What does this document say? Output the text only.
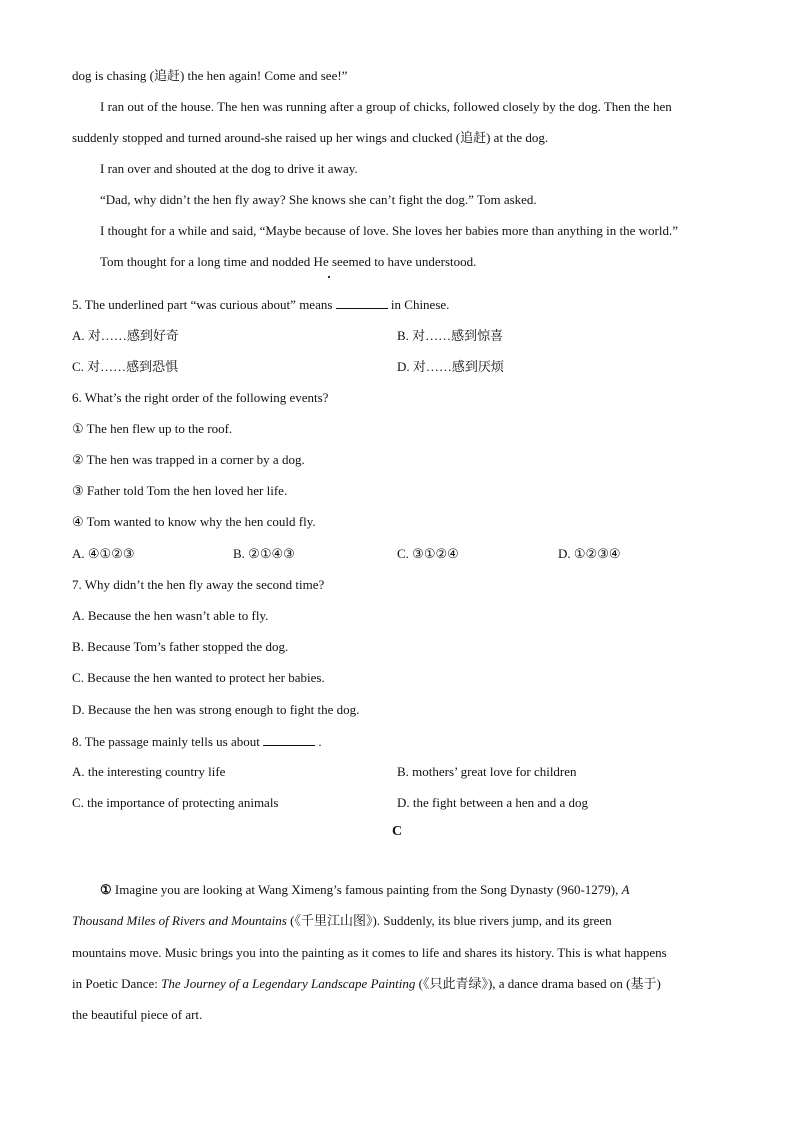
dog is chasing (追赶) the hen again! Come and see!”
I ran out of the house. The hen was running after a group of chicks, followed closely by the dog. Then the hen
suddenly stopped and turned around-she raised up her wings and clucked (追赶) at the dog.
I ran over and shouted at the dog to drive it away.
“Dad, why didn’t the hen fly away? She knows she can’t fight the dog.” Tom asked.
I thought for a while and said, “Maybe because of love. She loves her babies more than anything in the world.”
Tom thought for a long time and nodded He seemed to have understood.
5. The underlined part “was curious about” means	in Chinese.
A. 对……感到好奇	B. 对……感到惊喜
C. 对……感到恐惧	D. 对……感到厌烦
6. What’s the right order of the following events?
① The hen flew up to the roof.
② The hen was trapped in a corner by a dog.
③ Father told Tom the hen loved her life.
④ Tom wanted to know why the hen could fly.
A. ④①②③	B. ②①④③	C. ③①②④	D. ①②③④
7. Why didn’t the hen fly away the second time?
A. Because the hen wasn’t able to fly.
B. Because Tom’s father stopped the dog.
C. Because the hen wanted to protect her babies.
D. Because the hen was strong enough to fight the dog.
8. The passage mainly tells us about	.
A. the interesting country life	B. mothers’ great love for children
C. the importance of protecting animals	D. the fight between a hen and a dog
C
① Imagine you are looking at Wang Ximeng’s famous painting from the Song Dynasty (960-1279), A
Thousand Miles of Rivers and Mountains (《千里江山图》). Suddenly, its blue rivers jump, and its green
mountains move. Music brings you into the painting as it comes to life and shares its history. This is what happens
in Poetic Dance: The Journey of a Legendary Landscape Painting (《只此青绿》), a dance drama based on (基于)
the beautiful piece of art.
